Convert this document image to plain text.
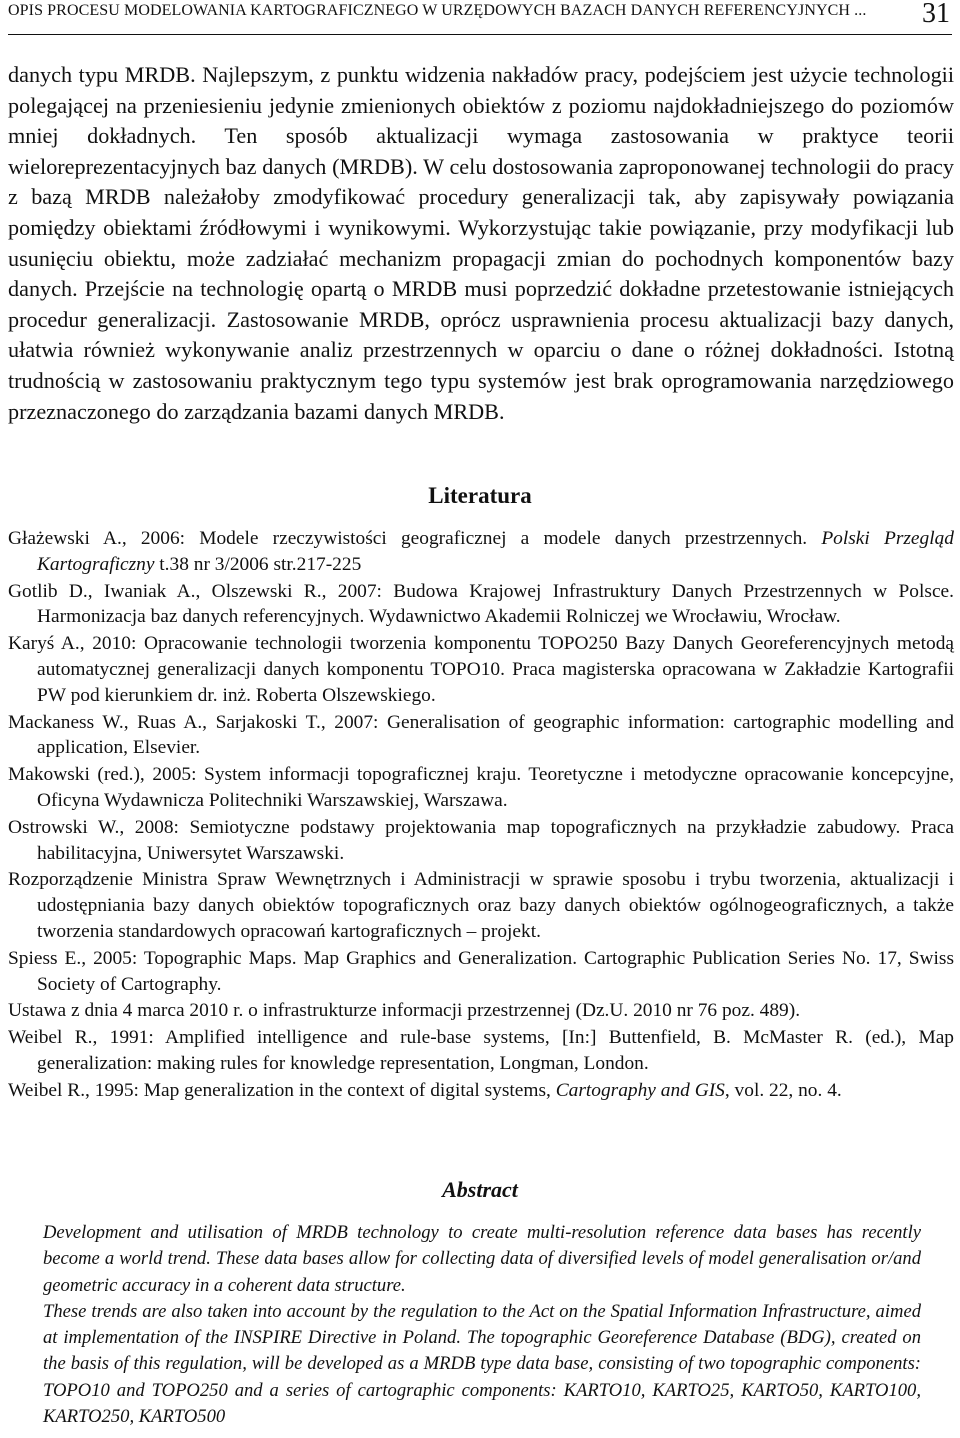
OPIS PROCESU MODELOWANIA KARTOGRAFICZNEGO W URZĘDOWYCH BAZACH DANYCH REFERENCYJNYCH ... 31

danych typu MRDB. Najlepszym, z punktu widzenia nakładów pracy, podejściem jest użycie technologii polegającej na przeniesieniu jedynie zmienionych obiektów z poziomu najdokładniejszego do poziomów mniej dokładnych. Ten sposób aktualizacji wymaga zastosowania w praktyce teorii wieloreprezentacyjnych baz danych (MRDB). W celu dostosowania zaproponowanej technologii do pracy z bazą MRDB należałoby zmodyfikować procedury generalizacji tak, aby zapisywały powiązania pomiędzy obiektami źródłowymi i wynikowymi. Wykorzystując takie powiązanie, przy modyfikacji lub usunięciu obiektu, może zadziałać mechanizm propagacji zmian do pochodnych komponentów bazy danych. Przejście na technologię opartą o MRDB musi poprzedzić dokładne przetestowanie istniejących procedur generalizacji. Zastosowanie MRDB, oprócz usprawnienia procesu aktualizacji bazy danych, ułatwia również wykonywanie analiz przestrzennych w oparciu o dane o różnej dokładności. Istotną trudnością w zastosowaniu praktycznym tego typu systemów jest brak oprogramowania narzędziowego przeznaczonego do zarządzania bazami danych MRDB.

Literatura
Głażewski A., 2006: Modele rzeczywistości geograficznej a modele danych przestrzennych. Polski Przegląd Kartograficzny t.38 nr 3/2006 str.217-225
Gotlib D., Iwaniak A., Olszewski R., 2007: Budowa Krajowej Infrastruktury Danych Przestrzennych w Polsce. Harmonizacja baz danych referencyjnych. Wydawnictwo Akademii Rolniczej we Wrocławiu, Wrocław.
Karyś A., 2010: Opracowanie technologii tworzenia komponentu TOPO250 Bazy Danych Georeferencyjnych metodą automatycznej generalizacji danych komponentu TOPO10. Praca magisterska opracowana w Zakładzie Kartografii PW pod kierunkiem dr. inż. Roberta Olszewskiego.
Mackaness W., Ruas A., Sarjakoski T., 2007: Generalisation of geographic information: cartographic modelling and application, Elsevier.
Makowski (red.), 2005: System informacji topograficznej kraju. Teoretyczne i metodyczne opracowanie koncepcyjne, Oficyna Wydawnicza Politechniki Warszawskiej, Warszawa.
Ostrowski W., 2008: Semiotyczne podstawy projektowania map topograficznych na przykładzie zabudowy. Praca habilitacyjna, Uniwersytet Warszawski.
Rozporządzenie Ministra Spraw Wewnętrznych i Administracji w sprawie sposobu i trybu tworzenia, aktualizacji i udostępniania bazy danych obiektów topograficznych oraz bazy danych obiektów ogólnogeograficznych, a także tworzenia standardowych opracowań kartograficznych – projekt.
Spiess E., 2005: Topographic Maps. Map Graphics and Generalization. Cartographic Publication Series No. 17, Swiss Society of Cartography.
Ustawa z dnia 4 marca 2010 r. o infrastrukturze informacji przestrzennej (Dz.U. 2010 nr 76 poz. 489).
Weibel R., 1991: Amplified intelligence and rule-base systems, [In:] Buttenfield, B. McMaster R. (ed.), Map generalization: making rules for knowledge representation, Longman, London.
Weibel R., 1995: Map generalization in the context of digital systems, Cartography and GIS, vol. 22, no. 4.
Abstract

Development and utilisation of MRDB technology to create multi-resolution reference data bases has recently become a world trend. These data bases allow for collecting data of diversified levels of model generalisation or/and geometric accuracy in a coherent data structure.

These trends are also taken into account by the regulation to the Act on the Spatial Information Infrastructure, aimed at implementation of the INSPIRE Directive in Poland. The topographic Georeference Database (BDG), created on the basis of this regulation, will be developed as a MRDB type data base, consisting of two topographic components: TOPO10 and TOPO250 and a series of cartographic components: KARTO10, KARTO25, KARTO50, KARTO100, KARTO250, KARTO500
